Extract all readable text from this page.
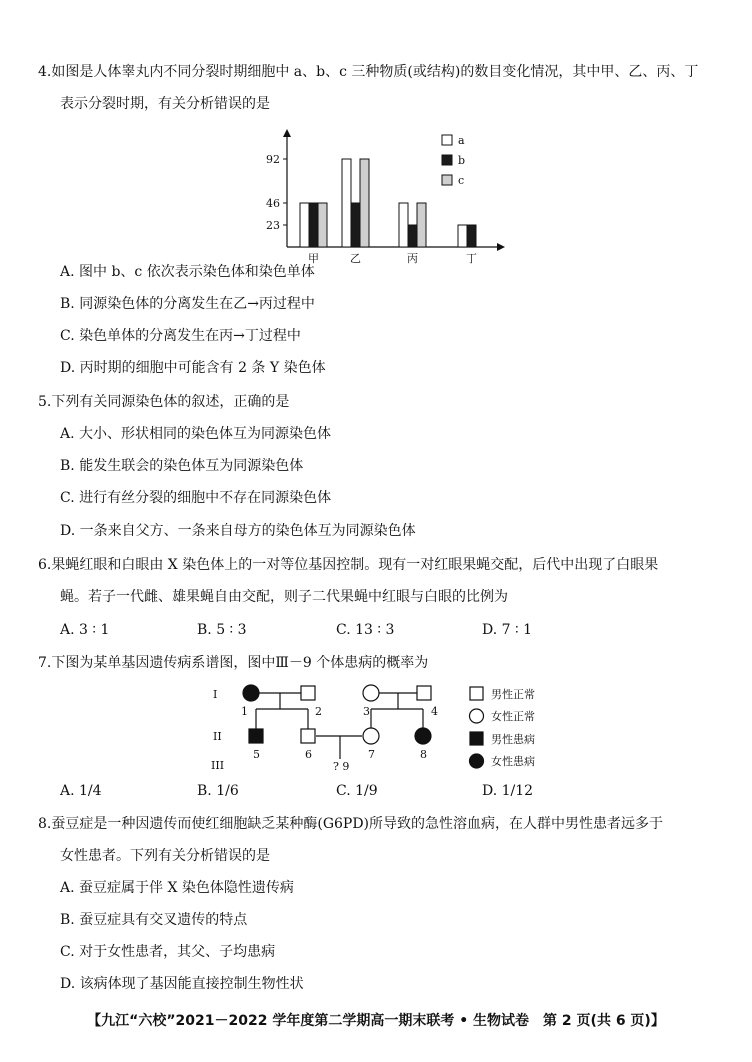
4.如图是人体睾丸内不同分裂时期细胞中 a、b、c 三种物质(或结构)的数目变化情况，其中甲、乙、丙、丁
表示分裂时期，有关分析错误的是
23
46
92
甲	乙	丙	丁
a
b
c
A. 图中 b、c 依次表示染色体和染色单体
B. 同源染色体的分离发生在乙→丙过程中
C. 染色单体的分离发生在丙→丁过程中
D. 丙时期的细胞中可能含有 2 条 Y 染色体
5.下列有关同源染色体的叙述，正确的是
A. 大小、形状相同的染色体互为同源染色体
B. 能发生联会的染色体互为同源染色体
C. 进行有丝分裂的细胞中不存在同源染色体
D. 一条来自父方、一条来自母方的染色体互为同源染色体
6.果蝇红眼和白眼由 X 染色体上的一对等位基因控制。现有一对红眼果蝇交配，后代中出现了白眼果
蝇。若子一代雌、雄果蝇自由交配，则子二代果蝇中红眼与白眼的比例为
A. 3 ∶ 1	B. 5 ∶ 3	C. 13 ∶ 3	D. 7 ∶ 1
7.下图为某单基因遗传病系谱图，图中Ⅲ－9 个体患病的概率为
I
II
III
1	2	3	4
5	6	7	8
? 9
男性正常
女性正常
男性患病
女性患病
A. 1/4	B. 1/6	C. 1/9	D. 1/12
8.蚕豆症是一种因遗传而使红细胞缺乏某种酶(G6PD)所导致的急性溶血病，在人群中男性患者远多于
女性患者。下列有关分析错误的是
A. 蚕豆症属于伴 X 染色体隐性遗传病
B. 蚕豆症具有交叉遗传的特点
C. 对于女性患者，其父、子均患病
D. 该病体现了基因能直接控制生物性状
【九江“六校”2021－2022 学年度第二学期高一期末联考 • 生物试卷　第 2 页(共 6 页)】
